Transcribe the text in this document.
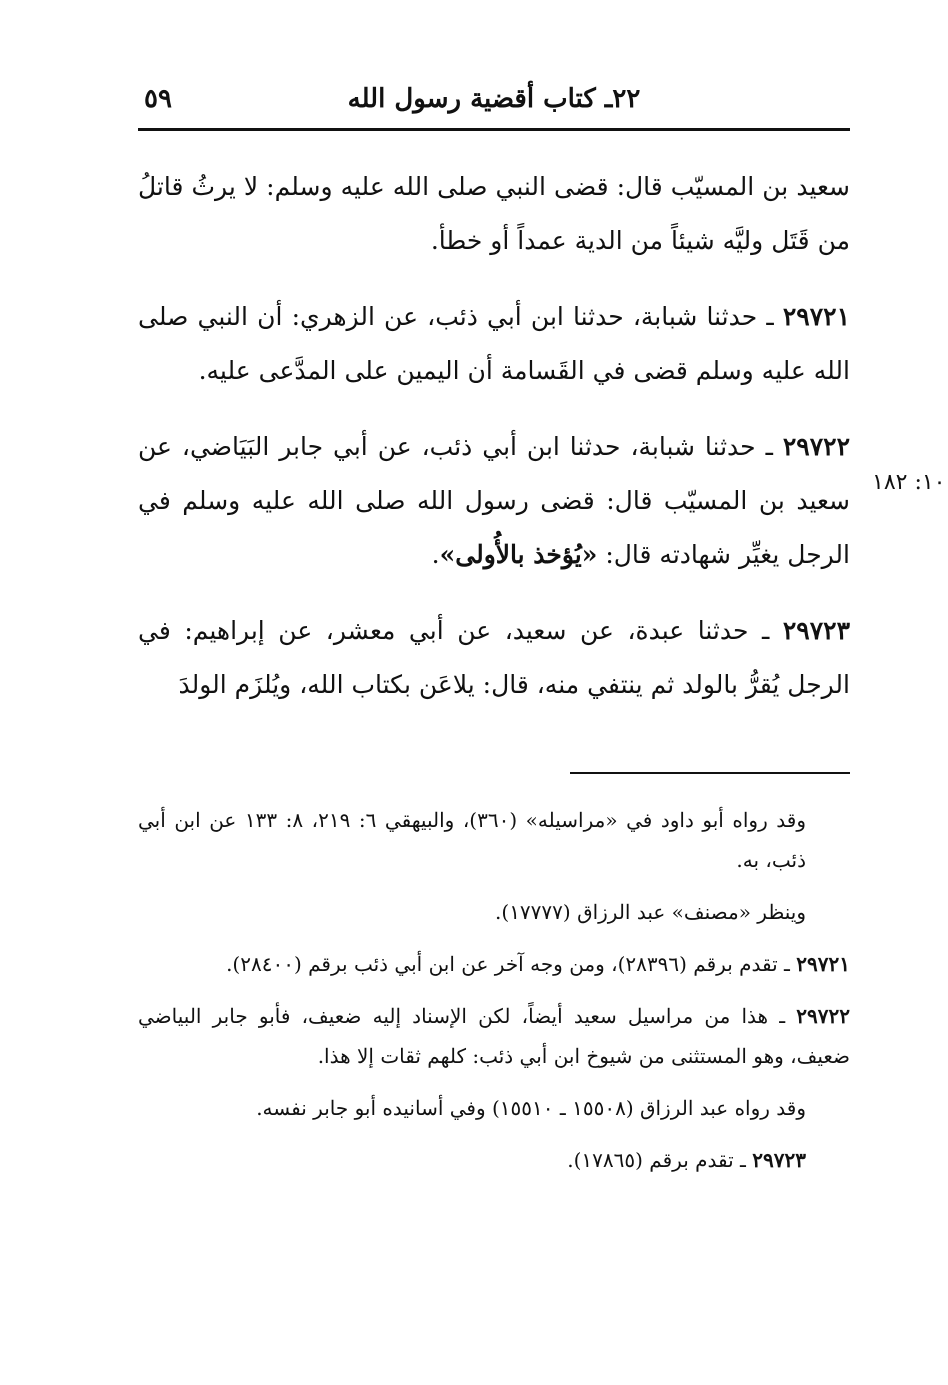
٢٢ـ كتاب أقضية رسول الله
٥٩
١٠: ١٨٢

سعيد بن المسيّب قال: قضى النبي صلى الله عليه وسلم: لا يرثُ قاتلُ من قَتَل وليَّه شيئاً من الدية عمداً أو خطأ.

٢٩٧٢١ ـ حدثنا شبابة، حدثنا ابن أبي ذئب، عن الزهري: أن النبي صلى الله عليه وسلم قضى في القَسامة أن اليمين على المدَّعى عليه.

٢٩٧٢٢ ـ حدثنا شبابة، حدثنا ابن أبي ذئب، عن أبي جابر البَيَاضي، عن سعيد بن المسيّب قال: قضى رسول الله صلى الله عليه وسلم في الرجل يغيِّر شهادته قال: «يُؤخذ بالأُولى».

٢٩٧٢٣ ـ حدثنا عبدة، عن سعيد، عن أبي معشر، عن إبراهيم: في الرجل يُقرُّ بالولد ثم ينتفي منه، قال: يلاعَن بكتاب الله، ويُلزَم الولدَ

وقد رواه أبو داود في «مراسيله» (٣٦٠)، والبيهقي ٦: ٢١٩، ٨: ١٣٣ عن ابن أبي ذئب، به.

وينظر «مصنف» عبد الرزاق (١٧٧٧٧).

٢٩٧٢١ ـ تقدم برقم (٢٨٣٩٦)، ومن وجه آخر عن ابن أبي ذئب برقم (٢٨٤٠٠).

٢٩٧٢٢ ـ هذا من مراسيل سعيد أيضاً، لكن الإسناد إليه ضعيف، فأبو جابر البياضي ضعيف، وهو المستثنى من شيوخ ابن أبي ذئب: كلهم ثقات إلا هذا.

وقد رواه عبد الرزاق (١٥٥٠٨ ـ ١٥٥١٠) وفي أسانيده أبو جابر نفسه.

٢٩٧٢٣ ـ تقدم برقم (١٧٨٦٥).
